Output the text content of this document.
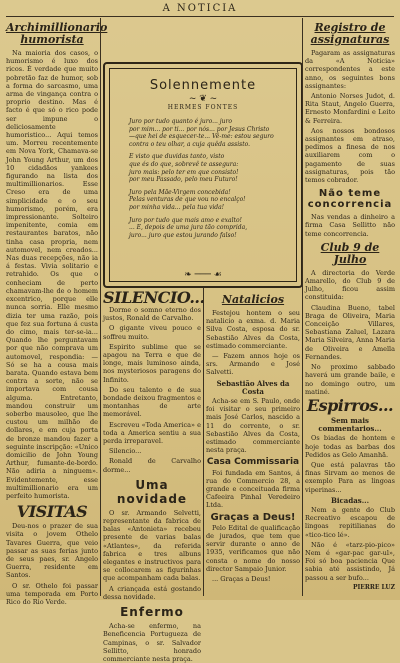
A NOTICIA
Archimillionario humorista

Na maioria dos casos, o humorismo é luxo dos ricos. É verdade que muito pobretão faz de humor, sob a forma do sarcasmo, uma arma de vingança contra o proprio destino. Mas é facto é que só o rico pode ser impune o deliciosamente humoristico... Aqui temos um. Morreu recentemente em Nova York, Chamava-se John Young Arthur, um dos 10 cidadãos yankees figurando na lista dos multimillionarios. Esse Creso era de uma simplicidade e o seu humorismo, porém, era impressionante. Solteiro impenitente, comia em restaurantes baratos, não tinha casa propria, nem automovel, nem creados... Nas duas recepções, não ia á festas. Vivia solitario e retrahido. Os que o conheciam de perto chamavam-lhe de o homem excentrico, porque elle nunca sorria. Elle mesmo dizia ter uma razão, pois que fez sua fortuna á custa do cimo, mais ter-se-ia... Quando lhe perguntavam por que não comprava um automovel, respondia: — Só se ha a cousa mais barata. Quando estava bem contra a sorte, não se importava com cousa alguma. Entretanto, mandou construir um soberbo mausoleo, que lhe custou um milhão de dollares, e em cuja porta de bronze mandou fazer a seguinte inscripção: «Unico domicilio de John Young Arthur, fumante-de-bordo. Não adiria a ninguem». Evidentemente, esse multimillionario era um perfeito humorista.

VISITAS

Deu-nos o prazer de sua visita o jovem Othelo Tavares Guerra, que veio passar as suas ferias junto de seus paes, sr. Angelo Guerra, residente em Santos.

O sr. Othelo foi passar uma temporada em Porto Rico do Rio Verde.

Solennemente
~ ❦ ~
HERMES FONTES

Juro por tudo quanto é juro... juro
por mim... por ti... por nós... por Jesus Christo
—que hei de esquecer-te... Vê-me: estou seguro
contra o teu olhar, a cuja quêda assisto.

E visto que duvidas tanto, visto
que és do que, sobrevê te assegura:
juro mais: pelo ter em que consisto!
por meu Passado, pelo meu Futuro!

Juro pela Mãe-Virgem concebida!
Pelas venturas de que vou no encalço!
por minha vida... pela tua vida!

Juro por tudo que mais amo e exalto!
... E, depois de uma jura tão comprida,
juro... juro que estou jurando falso!

❧ ─── ☙
SILENCIO...

Dorme o somno eterno dos justos, Ronald de Carvalho.

O gigante viveu pouco e soffreu muito.

Espirito sublime que se apagou na Terra e que de longe, mais luminoso ainda, nos mysteriosos paragens do Infinito.

Do seu talento e de sua bondade deixou fragmentos e montanhas de arte memorável.

Escreveu «Toda America» e toda a America sentiu a sua perda irreparavel.

Silencio...

Ronald de Carvalho dorme...

Uma novidade

O sr. Armando Selvetti, representante da fabrica de balas «Antonieta» recebeu presente de varias balas «Atlantes», da referida fabrica e tres albuns elegantes e instructivos para se collocarem as figurinhas que acompanham cada balas.

A criançada está gostando dessa novidade.

Enfermo

Acha-se enfermo, na Beneficencia Portugueza de Campinas, o sr. Salvador Sellitto, honrado commerciante nesta praça.

Natalicios

Festejou hontem o seu natalicio a exma. d. Maria Silva Costa, esposa do sr. Sebastião Alves da Costa, estimado commerciante.

— Fazem annos hoje os srs. Armando e José Salvetti.

Sebastião Alves da Costa

Acha-se em S. Paulo, onde foi visitar o seu primeiro mais José Carlos, nascido a 11 do corrente, o sr. Sebastião Alves da Costa, estimado commerciante nesta praça.

Casa Commissaria

Foi fundada em Santos, á rua do Commercio 28, a grande e conceituada firma Cafeeira Pinhal Veredeiro Ltda.

Graças a Deus!

Pelo Edital de qualificação de jurados, que tem que servir durante o anno de 1935, verificamos que não consta o nome do nosso director Sampaio Junior.

... Graças a Deus!

Registro de assignaturas

Pagaram as assignaturas da «A Noticia» correspondentes a este anno, os seguintes bons assignantes:

Antonio Norses Judot, d. Rita Staut, Angelo Guerra, Ernesto Monfardini e Leito & Ferreira.

Aos nossos bondosos assignantes em atraso, pedimos a finesa de nos auxiliarem com o pagamento de suas assignaturas, pois tão temos cobrador.

Não teme concorrencia

Nas vendas a dinheiro a firma Casa Sellitto não teme concorrencia.

Club 9 de Julho

A directoria do Verde Amarello, do Club 9 de Julho, ficou assim constituida:

Claudina Bueno, tabel Braga de Oliveira, Maria Conceição Villares, Sebastiana Zaluel, Lazara Maria Silveira, Anna Maria de Oliveira e Amella Fernandes.

No proximo sabbado haverá um grande baile, e no domingo outro, um matiné.

Espirros...
Sem mais commentarios...

Os biadas de hontem e hoje todas as barbas dos Pedidos as Gelo Amanhã.

Que está palavras tão finas Sirvam ao menos de exemplo Para as lingoas viperinas...

Bicadas...

Nem a gente do Club Recreativo escapou de lingoas repitilianas do «tico-tico lé».

Não é «tarz-pio-pico» Nem é «gar-pac gar-ul», Foi só boa paciencia Que sabia até assistindo, Já passou a ser bufo...

PIERRE LUZ
